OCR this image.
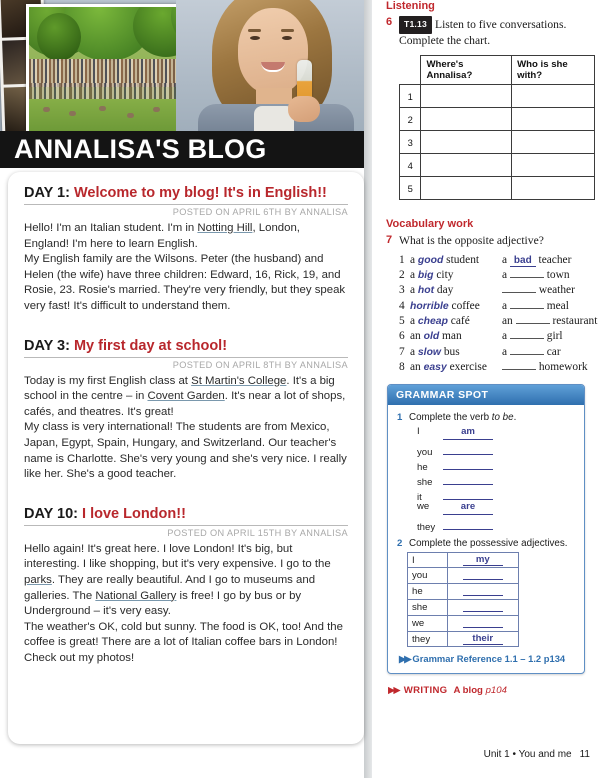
ANNALISA'S BLOG
DAY 1: Welcome to my blog! It's in English!!
POSTED ON APRIL 6TH BY ANNALISA
Hello! I'm an Italian student. I'm in Notting Hill, London, England! I'm here to learn English.
My English family are the Wilsons. Peter (the husband) and Helen (the wife) have three children: Edward, 16, Rick, 19, and Rosie, 23. Rosie's married. They're very friendly, but they speak very fast! It's difficult to understand them.
DAY 3: My first day at school!
POSTED ON APRIL 8TH BY ANNALISA
Today is my first English class at St Martin's College. It's a big school in the centre – in Covent Garden. It's near a lot of shops, cafés, and theatres. It's great!
My class is very international! The students are from Mexico, Japan, Egypt, Spain, Hungary, and Switzerland. Our teacher's name is Charlotte. She's very young and she's very nice. I really like her. She's a good teacher.
DAY 10: I love London!!
POSTED ON APRIL 15TH BY ANNALISA
Hello again! It's great here. I love London! It's big, but interesting. I like shopping, but it's very expensive. I go to the parks. They are really beautiful. And I go to museums and galleries. The National Gallery is free! I go by bus or by Underground – it's very easy.
The weather's OK, cold but sunny. The food is OK, too! And the coffee is great! There are a lot of Italian coffee bars in London! Check out my photos!
Listening
6	T1.13 Listen to five conversations. Complete the chart.
	Where's Annalisa?	Who is she with?
1		
2		
3		
4		
5		
Vocabulary work
7 What is the opposite adjective?
1 a good student	a bad teacher
2 a big city	a	town
3 a hot day	weather
4 horrible coffee	a	meal
5 a cheap café	an	restaurant
6 an old man	a	girl
7 a slow bus	a	car
8 an easy exercise	homework
GRAMMAR SPOT
1 Complete the verb to be.
I	am
you
he
she
it
we	are
they
2 Complete the possessive adjectives.
I	my
you	
he	
she	
we	
they	their
▶▶ Grammar Reference 1.1 – 1.2 p134
▶▶ WRITING A blog p104
Unit 1 • You and me 11
